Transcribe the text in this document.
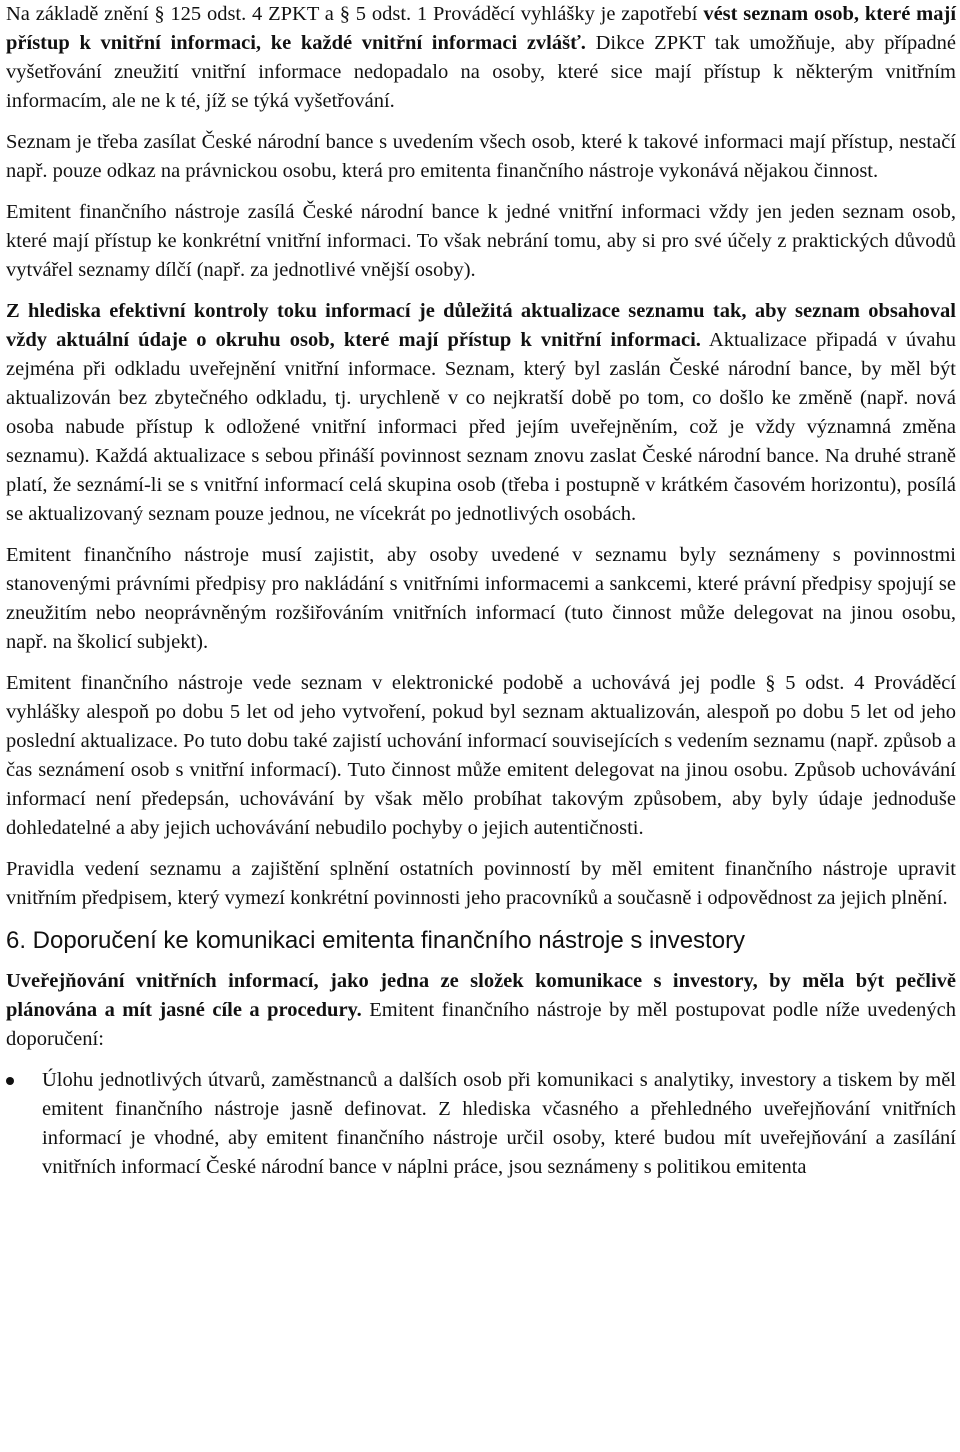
Na základě znění § 125 odst. 4 ZPKT a § 5 odst. 1 Prováděcí vyhlášky je zapotřebí vést seznam osob, které mají přístup k vnitřní informaci, ke každé vnitřní informaci zvlášť. Dikce ZPKT tak umožňuje, aby případné vyšetřování zneužití vnitřní informace nedopadalo na osoby, které sice mají přístup k některým vnitřním informacím, ale ne k té, jíž se týká vyšetřování.

Seznam je třeba zasílat České národní bance s uvedením všech osob, které k takové informaci mají přístup, nestačí např. pouze odkaz na právnickou osobu, která pro emitenta finančního nástroje vykonává nějakou činnost.

Emitent finančního nástroje zasílá České národní bance k jedné vnitřní informaci vždy jen jeden seznam osob, které mají přístup ke konkrétní vnitřní informaci. To však nebrání tomu, aby si pro své účely z praktických důvodů vytvářel seznamy dílčí (např. za jednotlivé vnější osoby).

Z hlediska efektivní kontroly toku informací je důležitá aktualizace seznamu tak, aby seznam obsahoval vždy aktuální údaje o okruhu osob, které mají přístup k vnitřní informaci. Aktualizace připadá v úvahu zejména při odkladu uveřejnění vnitřní informace. Seznam, který byl zaslán České národní bance, by měl být aktualizován bez zbytečného odkladu, tj. urychleně v co nejkratší době po tom, co došlo ke změně (např. nová osoba nabude přístup k odložené vnitřní informaci před jejím uveřejněním, což je vždy významná změna seznamu). Každá aktualizace s sebou přináší povinnost seznam znovu zaslat České národní bance. Na druhé straně platí, že seznámí-li se s vnitřní informací celá skupina osob (třeba i postupně v krátkém časovém horizontu), posílá se aktualizovaný seznam pouze jednou, ne vícekrát po jednotlivých osobách.

Emitent finančního nástroje musí zajistit, aby osoby uvedené v seznamu byly seznámeny s povinnostmi stanovenými právními předpisy pro nakládání s vnitřními informacemi a sankcemi, které právní předpisy spojují se zneužitím nebo neoprávněným rozšiřováním vnitřních informací (tuto činnost může delegovat na jinou osobu, např. na školicí subjekt).

Emitent finančního nástroje vede seznam v elektronické podobě a uchovává jej podle § 5 odst. 4 Prováděcí vyhlášky alespoň po dobu 5 let od jeho vytvoření, pokud byl seznam aktualizován, alespoň po dobu 5 let od jeho poslední aktualizace. Po tuto dobu také zajistí uchování informací souvisejících s vedením seznamu (např. způsob a čas seznámení osob s vnitřní informací). Tuto činnost může emitent delegovat na jinou osobu. Způsob uchovávání informací není předepsán, uchovávání by však mělo probíhat takovým způsobem, aby byly údaje jednoduše dohledatelné a aby jejich uchovávání nebudilo pochyby o jejich autentičnosti.

Pravidla vedení seznamu a zajištění splnění ostatních povinností by měl emitent finančního nástroje upravit vnitřním předpisem, který vymezí konkrétní povinnosti jeho pracovníků a současně i odpovědnost za jejich plnění.

6. Doporučení ke komunikaci emitenta finančního nástroje s investory

Uveřejňování vnitřních informací, jako jedna ze složek komunikace s investory, by měla být pečlivě plánována a mít jasné cíle a procedury. Emitent finančního nástroje by měl postupovat podle níže uvedených doporučení:

Úlohu jednotlivých útvarů, zaměstnanců a dalších osob při komunikaci s analytiky, investory a tiskem by měl emitent finančního nástroje jasně definovat. Z hlediska včasného a přehledného uveřejňování vnitřních informací je vhodné, aby emitent finančního nástroje určil osoby, které budou mít uveřejňování a zasílání vnitřních informací České národní bance v náplni práce, jsou seznámeny s politikou emitenta
